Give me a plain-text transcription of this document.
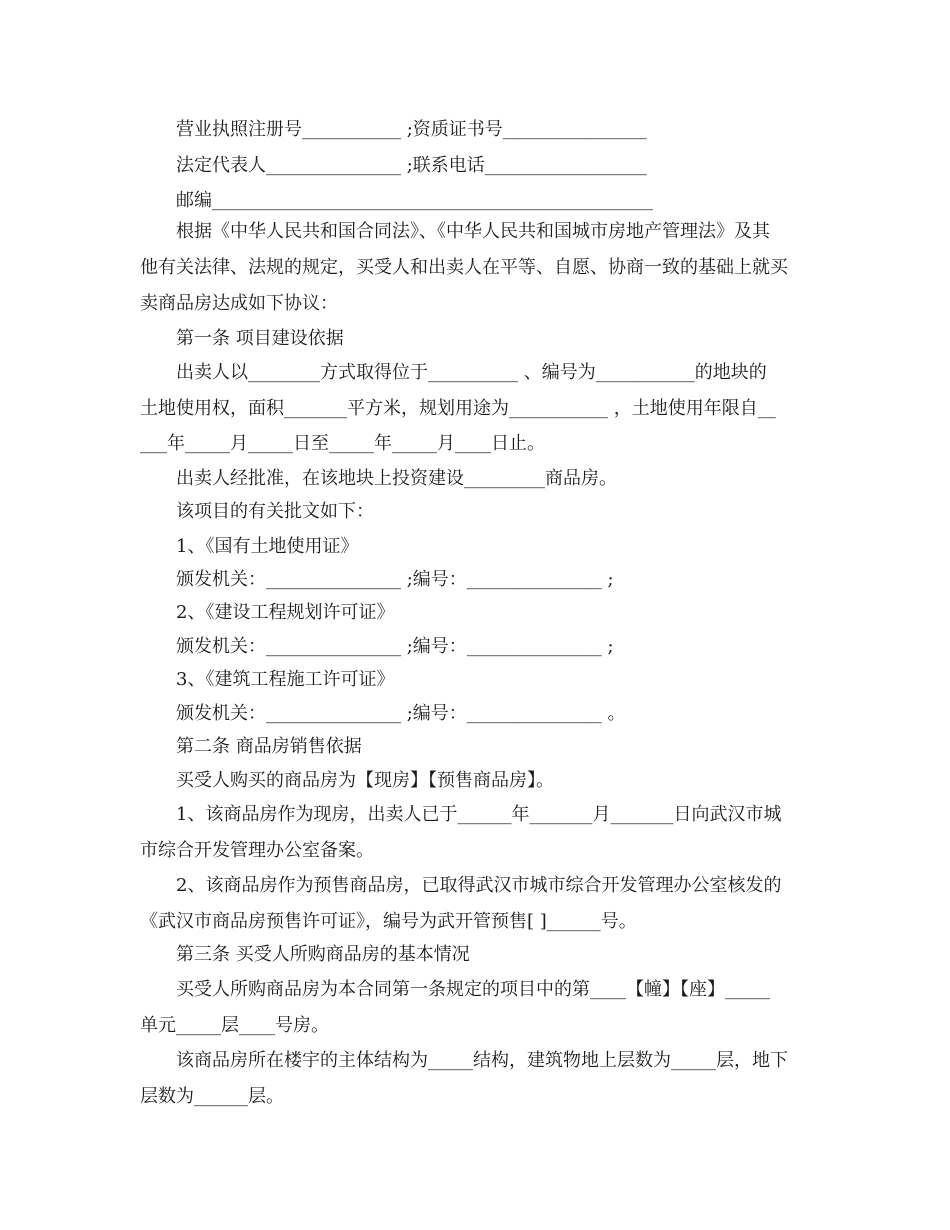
营业执照注册号___________ ;资质证书号________________
法定代表人_______________ ;联系电话__________________
邮编_________________________________________________
根据《中华人民共和国合同法》、《中华人民共和国城市房地产管理法》及其
他有关法律、法规的规定，买受人和出卖人在平等、自愿、协商一致的基础上就买
卖商品房达成如下协议：
第一条 项目建设依据
出卖人以________方式取得位于__________ 、编号为___________的地块的
土地使用权，面积_______平方米，规划用途为___________ ，土地使用年限自__
___年_____月_____日至_____年_____月____日止。
出卖人经批准，在该地块上投资建设_________商品房。
该项目的有关批文如下：
1、《国有土地使用证》
颁发机关：_______________ ;编号：_______________ ;
2、《建设工程规划许可证》
颁发机关：_______________ ;编号：_______________ ;
3、《建筑工程施工许可证》
颁发机关：_______________ ;编号：_______________ 。
第二条 商品房销售依据
买受人购买的商品房为【现房】【预售商品房】。
1、该商品房作为现房，出卖人已于______年_______月_______日向武汉市城
市综合开发管理办公室备案。
2、该商品房作为预售商品房，已取得武汉市城市综合开发管理办公室核发的
《武汉市商品房预售许可证》，编号为武开管预售[ ]______号。
第三条 买受人所购商品房的基本情况
买受人所购商品房为本合同第一条规定的项目中的第____【幢】【座】_____
单元_____层____号房。
该商品房所在楼宇的主体结构为_____结构，建筑物地上层数为_____层，地下
层数为______层。
